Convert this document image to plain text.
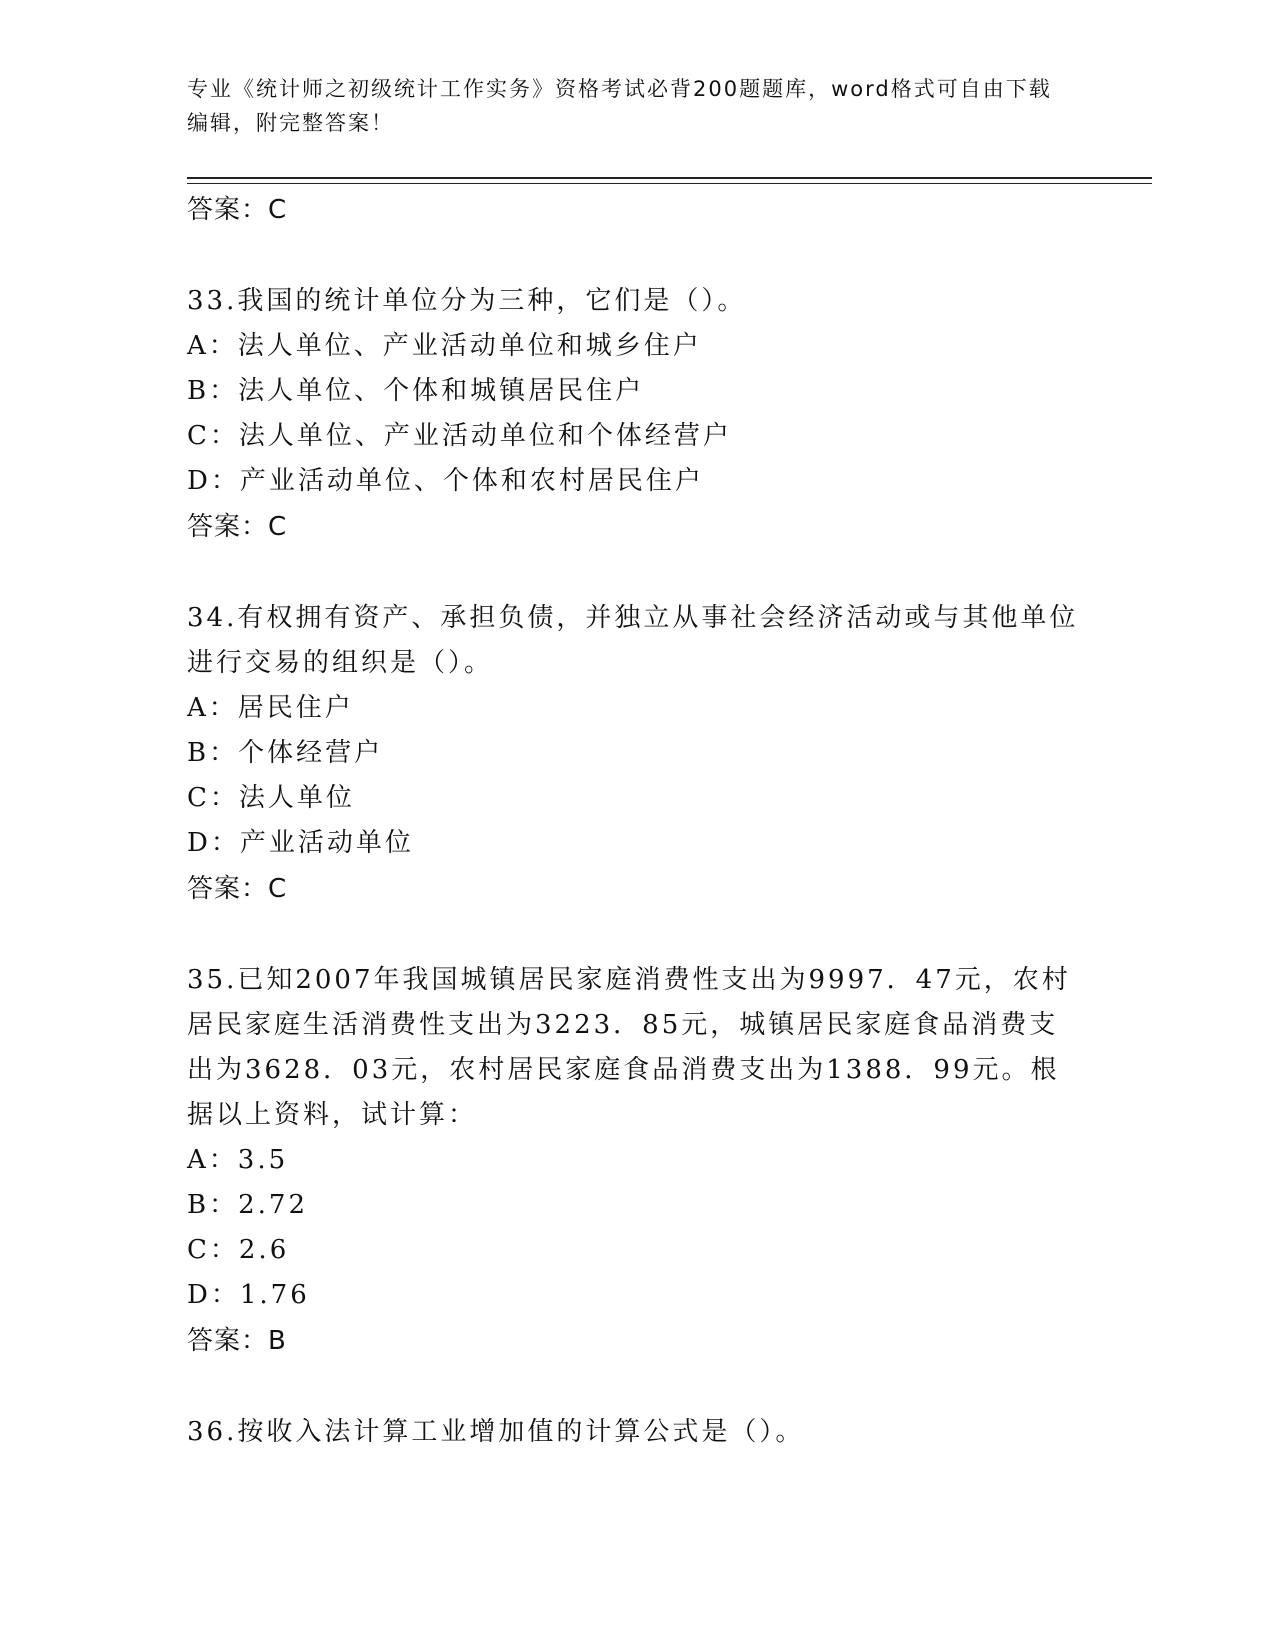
专业《统计师之初级统计工作实务》资格考试必背200题题库，word格式可自由下载编辑，附完整答案！
答案：C
33.我国的统计单位分为三种，它们是（）。
A：法人单位、产业活动单位和城乡住户
B：法人单位、个体和城镇居民住户
C：法人单位、产业活动单位和个体经营户
D：产业活动单位、个体和农村居民住户
答案：C
34.有权拥有资产、承担负债，并独立从事社会经济活动或与其他单位进行交易的组织是（）。
A：居民住户
B：个体经营户
C：法人单位
D：产业活动单位
答案：C
35.已知2007年我国城镇居民家庭消费性支出为9997．47元，农村居民家庭生活消费性支出为3223．85元，城镇居民家庭食品消费支出为3628．03元，农村居民家庭食品消费支出为1388．99元。根据以上资料，试计算：
A：3.5
B：2.72
C：2.6
D：1.76
答案：B
36.按收入法计算工业增加值的计算公式是（）。
